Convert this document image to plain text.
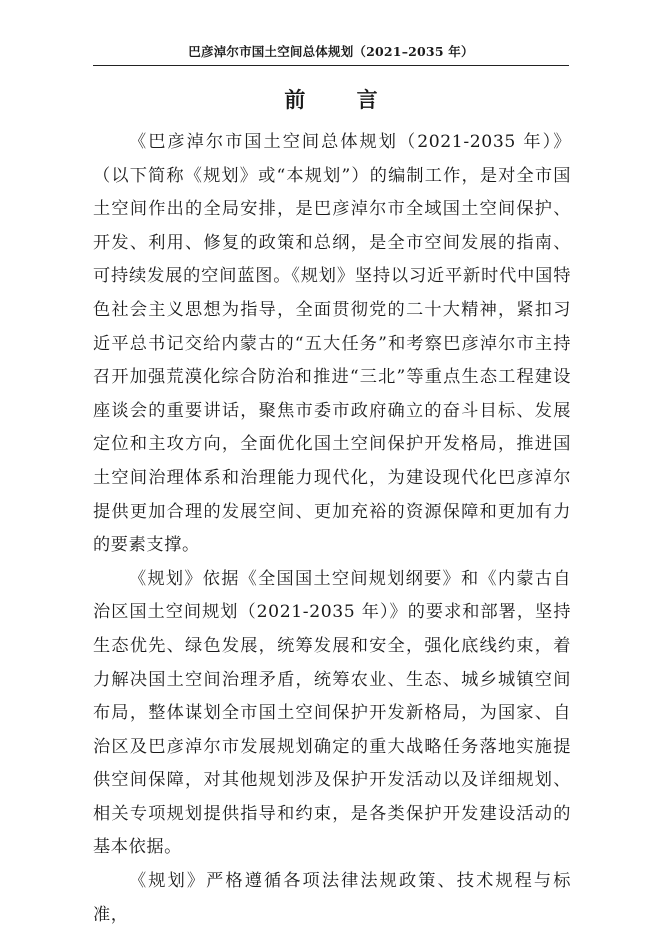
巴彦淖尔市国土空间总体规划（2021–2035 年）
前 言

《巴彦淖尔市国土空间总体规划（2021-2035 年）》（以下简称《规划》或“本规划”）的编制工作，是对全市国土空间作出的全局安排，是巴彦淖尔市全域国土空间保护、开发、利用、修复的政策和总纲，是全市空间发展的指南、可持续发展的空间蓝图。《规划》坚持以习近平新时代中国特色社会主义思想为指导，全面贯彻党的二十大精神，紧扣习近平总书记交给内蒙古的“五大任务”和考察巴彦淖尔市主持召开加强荒漠化综合防治和推进“三北”等重点生态工程建设座谈会的重要讲话，聚焦市委市政府确立的奋斗目标、发展定位和主攻方向，全面优化国土空间保护开发格局，推进国土空间治理体系和治理能力现代化，为建设现代化巴彦淖尔提供更加合理的发展空间、更加充裕的资源保障和更加有力的要素支撑。

《规划》依据《全国国土空间规划纲要》和《内蒙古自治区国土空间规划（2021-2035 年）》的要求和部署，坚持生态优先、绿色发展，统筹发展和安全，强化底线约束，着力解决国土空间治理矛盾，统筹农业、生态、城乡城镇空间布局，整体谋划全市国土空间保护开发新格局，为国家、自治区及巴彦淖尔市发展规划确定的重大战略任务落地实施提供空间保障，对其他规划涉及保护开发活动以及详细规划、相关专项规划提供指导和约束，是各类保护开发建设活动的基本依据。

《规划》严格遵循各项法律法规政策、技术规程与标准，
